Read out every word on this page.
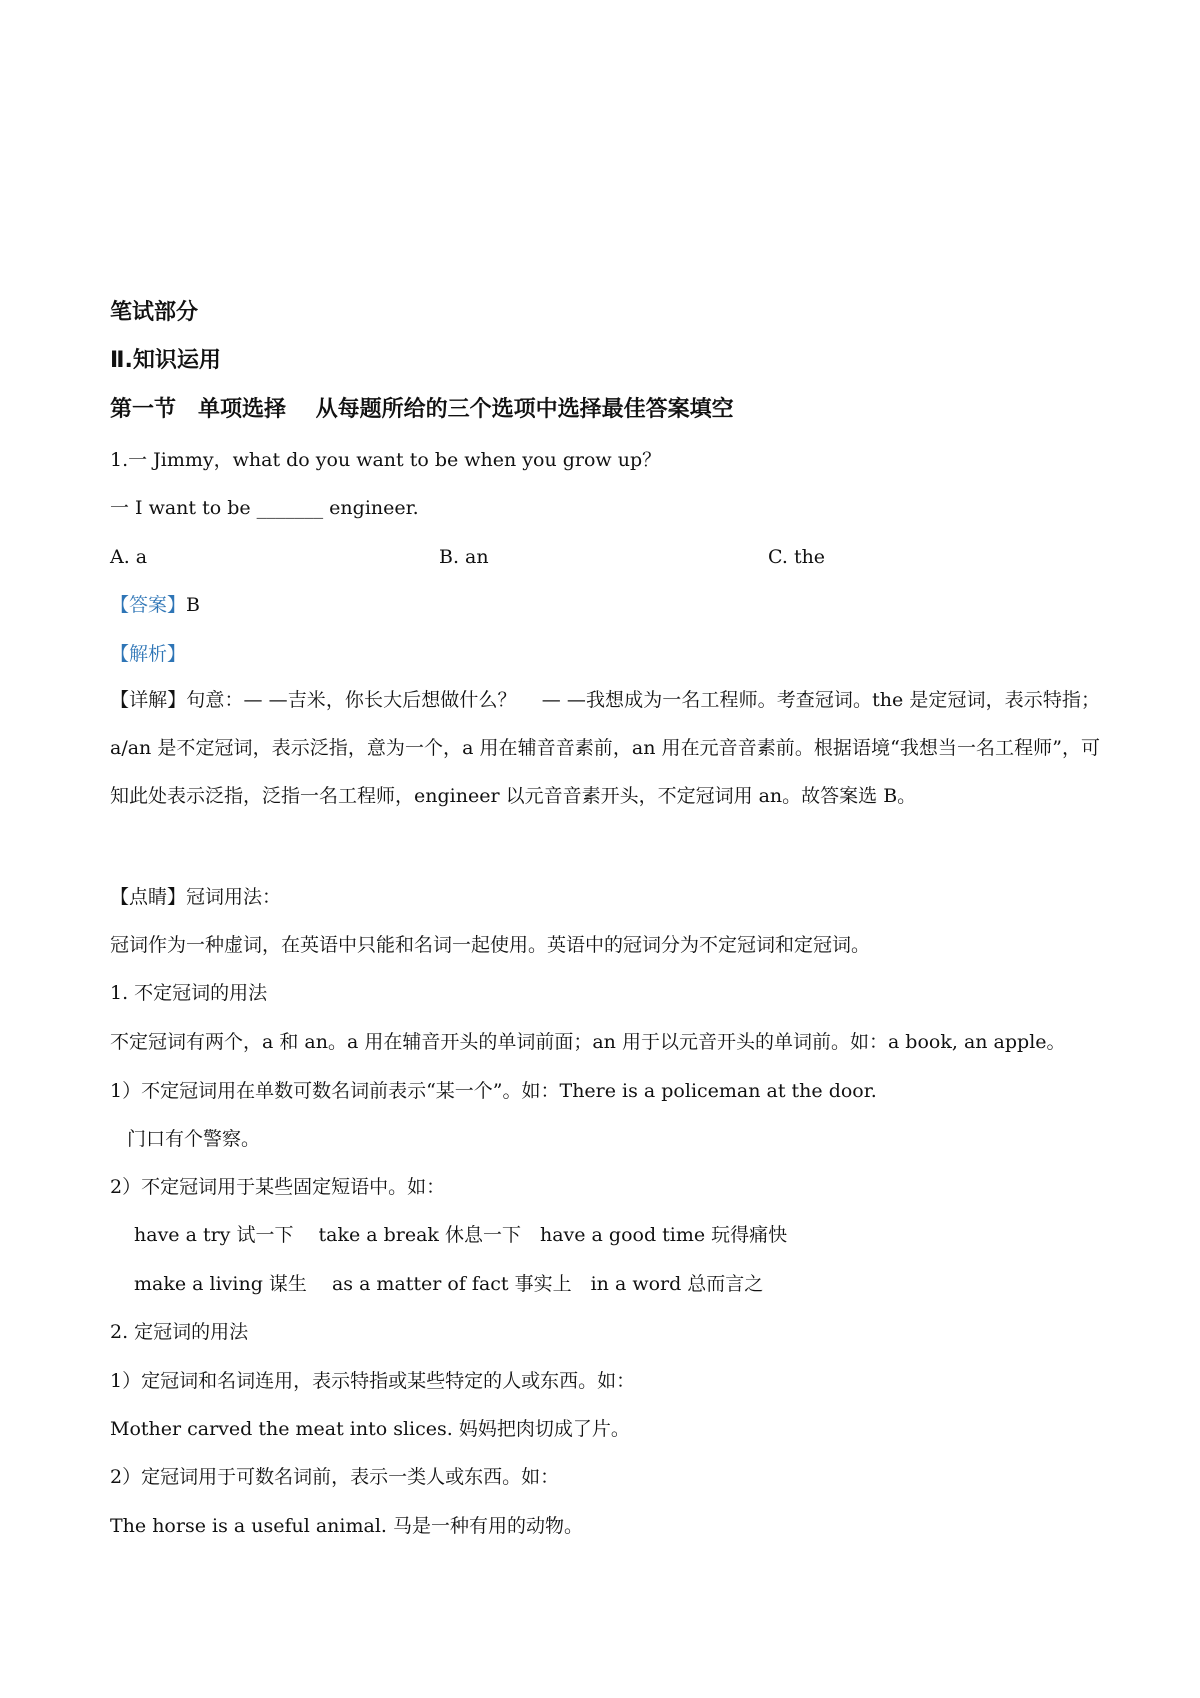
笔试部分
Ⅱ.知识运用
第一节　单项选择　 从每题所给的三个选项中选择最佳答案填空
1.一 Jimmy，what do you want to be when you grow up？
一 I want to be _______ engineer.
A. a	B. an	C. the
【答案】B
【解析】
【详解】句意：— —吉米，你长大后想做什么？　 — —我想成为一名工程师。考查冠词。the 是定冠词，表示特指；a/an 是不定冠词，表示泛指，意为一个，a 用在辅音音素前，an 用在元音音素前。根据语境“我想当一名工程师”，可知此处表示泛指，泛指一名工程师，engineer 以元音音素开头，不定冠词用 an。故答案选 B。
【点睛】冠词用法：
冠词作为一种虚词，在英语中只能和名词一起使用。英语中的冠词分为不定冠词和定冠词。
1. 不定冠词的用法
不定冠词有两个，a 和 an。a 用在辅音开头的单词前面；an 用于以元音开头的单词前。如：a book, an apple。
1）不定冠词用在单数可数名词前表示“某一个”。如：There is a policeman at the door.
门口有个警察。
2）不定冠词用于某些固定短语中。如：
have a try 试一下　 take a break 休息一下　have a good time 玩得痛快
make a living 谋生　 as a matter of fact 事实上　in a word 总而言之
2. 定冠词的用法
1）定冠词和名词连用，表示特指或某些特定的人或东西。如：
Mother carved the meat into slices. 妈妈把肉切成了片。
2）定冠词用于可数名词前，表示一类人或东西。如：
The horse is a useful animal. 马是一种有用的动物。
